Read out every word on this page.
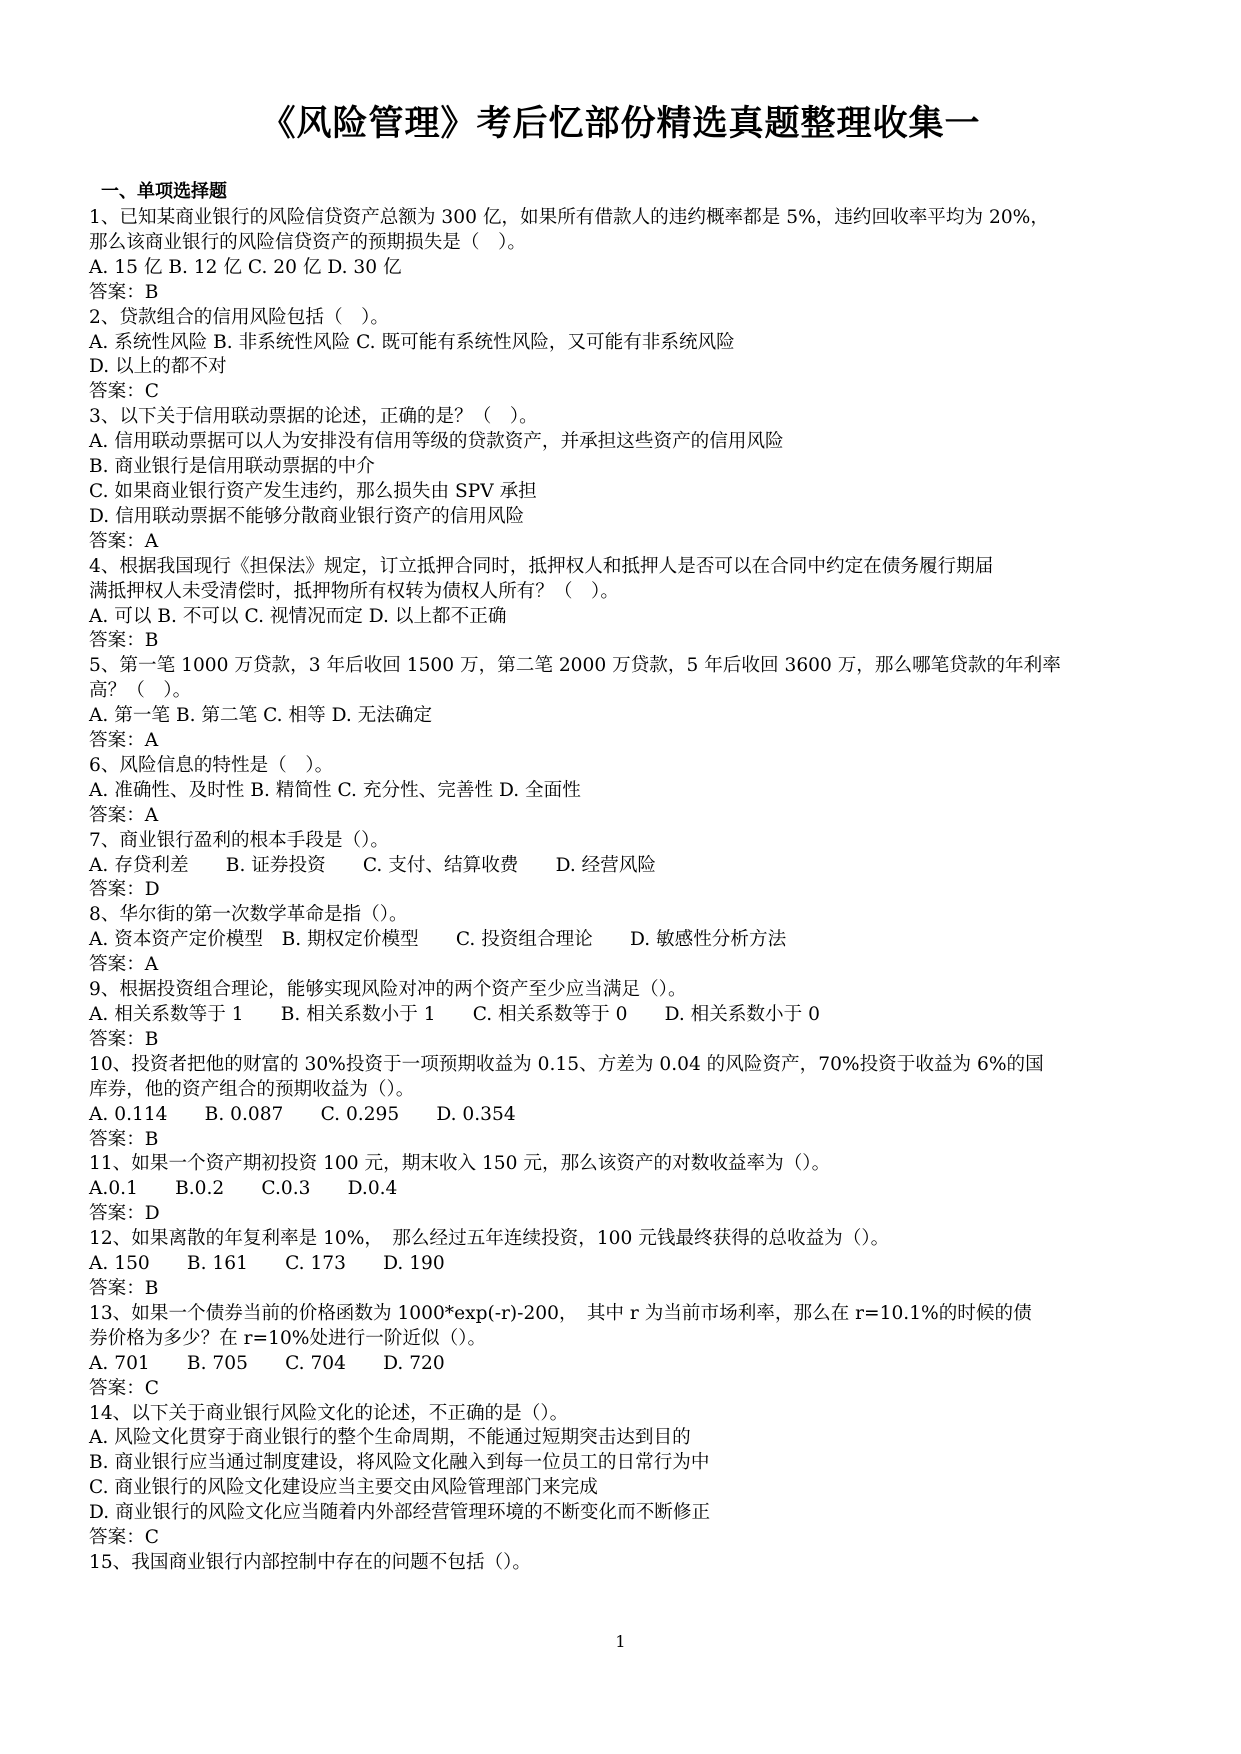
《风险管理》考后忆部份精选真题整理收集一
一、单项选择题
1、已知某商业银行的风险信贷资产总额为 300 亿，如果所有借款人的违约概率都是 5%，违约回收率平均为 20%，
那么该商业银行的风险信贷资产的预期损失是（　）。
A. 15 亿 B. 12 亿 C. 20 亿 D. 30 亿
答案：B
2、贷款组合的信用风险包括（　）。
A. 系统性风险 B. 非系统性风险 C. 既可能有系统性风险，又可能有非系统风险
D. 以上的都不对
答案：C
3、以下关于信用联动票据的论述，正确的是？（　）。
A. 信用联动票据可以人为安排没有信用等级的贷款资产，并承担这些资产的信用风险
B. 商业银行是信用联动票据的中介
C. 如果商业银行资产发生违约，那么损失由 SPV 承担
D. 信用联动票据不能够分散商业银行资产的信用风险
答案：A
4、根据我国现行《担保法》规定，订立抵押合同时，抵押权人和抵押人是否可以在合同中约定在债务履行期届
满抵押权人未受清偿时，抵押物所有权转为债权人所有？（　）。
A. 可以 B. 不可以 C. 视情况而定 D. 以上都不正确
答案：B
5、第一笔 1000 万贷款，3 年后收回 1500 万，第二笔 2000 万贷款，5 年后收回 3600 万，那么哪笔贷款的年利率
高？（　）。
A. 第一笔 B. 第二笔 C. 相等 D. 无法确定
答案：A
6、风险信息的特性是（　）。
A. 准确性、及时性 B. 精简性 C. 充分性、完善性 D. 全面性
答案：A
7、商业银行盈利的根本手段是（）。
A. 存贷利差　　B. 证券投资　　C. 支付、结算收费　　D. 经营风险
答案：D
8、华尔街的第一次数学革命是指（）。
A. 资本资产定价模型　B. 期权定价模型　　C. 投资组合理论　　D. 敏感性分析方法
答案：A
9、根据投资组合理论，能够实现风险对冲的两个资产至少应当满足（）。
A. 相关系数等于 1　　B. 相关系数小于 1　　C. 相关系数等于 0　　D. 相关系数小于 0
答案：B
10、投资者把他的财富的 30%投资于一项预期收益为 0.15、方差为 0.04 的风险资产，70%投资于收益为 6%的国
库券，他的资产组合的预期收益为（）。
A. 0.114　　B. 0.087　　C. 0.295　　D. 0.354
答案：B
11、如果一个资产期初投资 100 元，期末收入 150 元，那么该资产的对数收益率为（）。
A.0.1　　B.0.2　　C.0.3　　D.0.4
答案：D
12、如果离散的年复利率是 10%，　那么经过五年连续投资，100 元钱最终获得的总收益为（）。
A. 150　　B. 161　　C. 173　　D. 190
答案：B
13、如果一个债券当前的价格函数为 1000*exp(-r)-200，　其中 r 为当前市场利率，那么在 r=10.1%的时候的债
券价格为多少？在 r=10%处进行一阶近似（）。
A. 701　　B. 705　　C. 704　　D. 720
答案：C
14、以下关于商业银行风险文化的论述，不正确的是（）。
A. 风险文化贯穿于商业银行的整个生命周期，不能通过短期突击达到目的
B. 商业银行应当通过制度建设，将风险文化融入到每一位员工的日常行为中
C. 商业银行的风险文化建设应当主要交由风险管理部门来完成
D. 商业银行的风险文化应当随着内外部经营管理环境的不断变化而不断修正
答案：C
15、我国商业银行内部控制中存在的问题不包括（）。
1
